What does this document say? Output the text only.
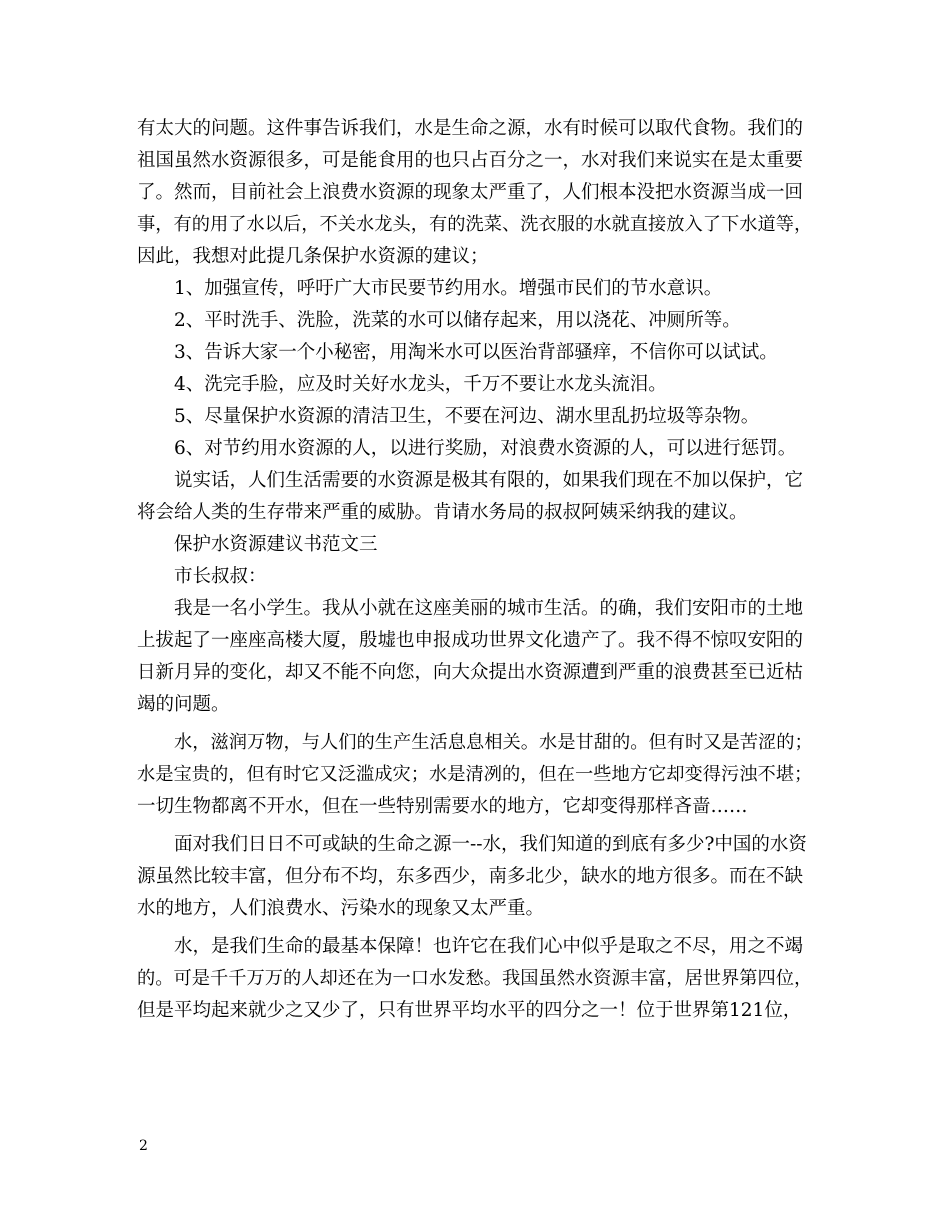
有太大的问题。这件事告诉我们，水是生命之源，水有时候可以取代食物。我们的
祖国虽然水资源很多，可是能食用的也只占百分之一，水对我们来说实在是太重要
了。然而，目前社会上浪费水资源的现象太严重了，人们根本没把水资源当成一回
事，有的用了水以后，不关水龙头，有的洗菜、洗衣服的水就直接放入了下水道等，
因此，我想对此提几条保护水资源的建议；
1、加强宣传，呼吁广大市民要节约用水。增强市民们的节水意识。
2、平时洗手、洗脸，洗菜的水可以储存起来，用以浇花、冲厕所等。
3、告诉大家一个小秘密，用淘米水可以医治背部骚痒，不信你可以试试。
4、洗完手脸，应及时关好水龙头，千万不要让水龙头流泪。
5、尽量保护水资源的清洁卫生，不要在河边、湖水里乱扔垃圾等杂物。
6、对节约用水资源的人，以进行奖励，对浪费水资源的人，可以进行惩罚。
说实话，人们生活需要的水资源是极其有限的，如果我们现在不加以保护，它
将会给人类的生存带来严重的威胁。肯请水务局的叔叔阿姨采纳我的建议。
保护水资源建议书范文三
市长叔叔：
我是一名小学生。我从小就在这座美丽的城市生活。的确，我们安阳市的土地
上拔起了一座座高楼大厦，殷墟也申报成功世界文化遗产了。我不得不惊叹安阳的
日新月异的变化，却又不能不向您，向大众提出水资源遭到严重的浪费甚至已近枯
竭的问题。
水，滋润万物，与人们的生产生活息息相关。水是甘甜的。但有时又是苦涩的；
水是宝贵的，但有时它又泛滥成灾；水是清冽的，但在一些地方它却变得污浊不堪；
一切生物都离不开水，但在一些特别需要水的地方，它却变得那样吝啬……
面对我们日日不可或缺的生命之源一--水，我们知道的到底有多少?中国的水资
源虽然比较丰富，但分布不均，东多西少，南多北少，缺水的地方很多。而在不缺
水的地方，人们浪费水、污染水的现象又太严重。
水，是我们生命的最基本保障！也许它在我们心中似乎是取之不尽，用之不竭
的。可是千千万万的人却还在为一口水发愁。我国虽然水资源丰富，居世界第四位，
但是平均起来就少之又少了，只有世界平均水平的四分之一！位于世界第121位，
2
